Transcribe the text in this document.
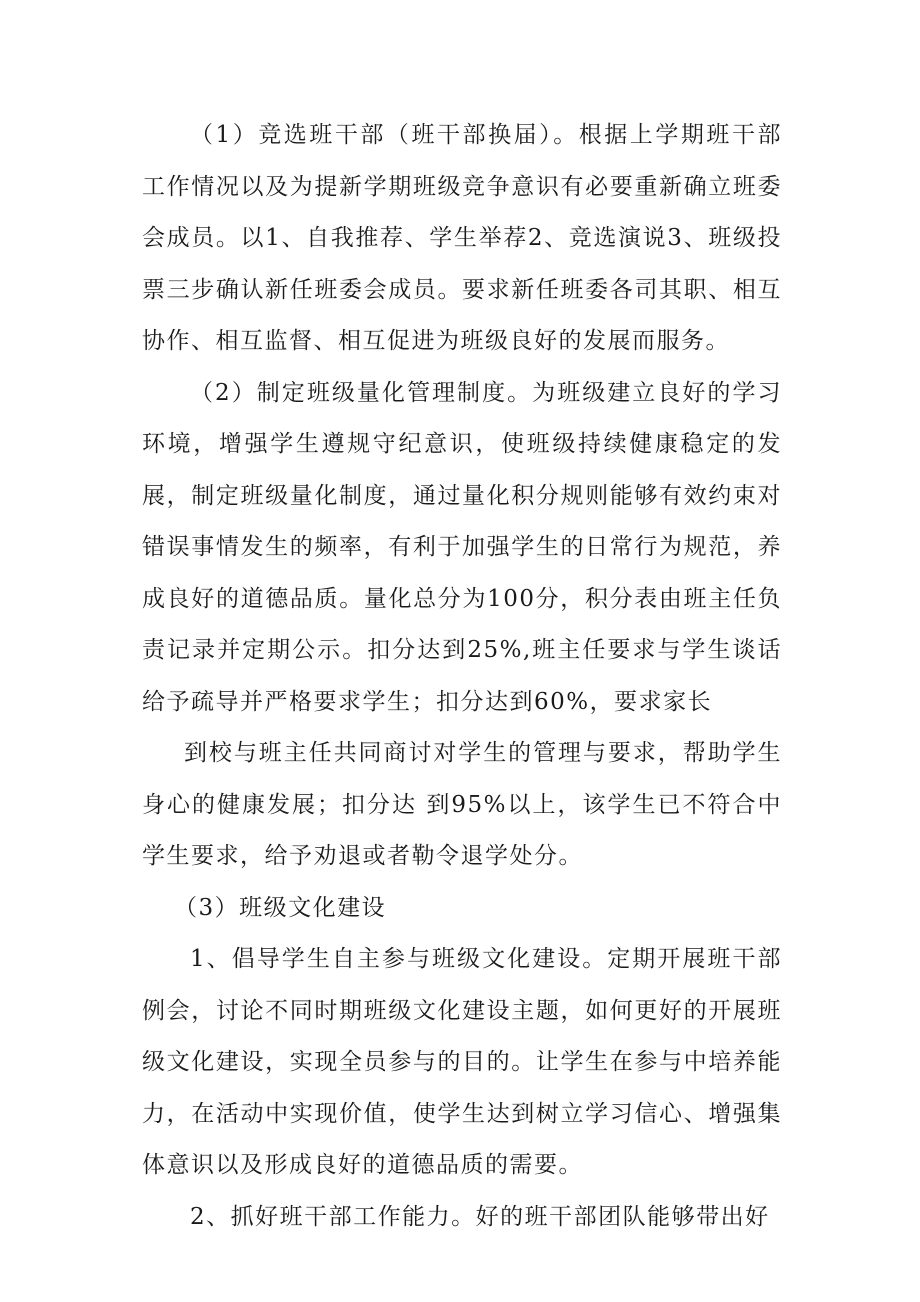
（1）竞选班干部（班干部换届）。根据上学期班干部工作情况以及为提新学期班级竞争意识有必要重新确立班委会成员。以1、自我推荐、学生举荐2、竞选演说3、班级投票三步确认新任班委会成员。要求新任班委各司其职、相互协作、相互监督、相互促进为班级良好的发展而服务。

（2）制定班级量化管理制度。为班级建立良好的学习环境，增强学生遵规守纪意识，使班级持续健康稳定的发展，制定班级量化制度，通过量化积分规则能够有效约束对错误事情发生的频率，有利于加强学生的日常行为规范，养成良好的道德品质。量化总分为100分，积分表由班主任负责记录并定期公示。扣分达到25%,班主任要求与学生谈话给予疏导并严格要求学生；扣分达到60%，要求家长

到校与班主任共同商讨对学生的管理与要求，帮助学生身心的健康发展；扣分达 到95%以上，该学生已不符合中学生要求，给予劝退或者勒令退学处分。

（3）班级文化建设

1、倡导学生自主参与班级文化建设。定期开展班干部例会，讨论不同时期班级文化建设主题，如何更好的开展班级文化建设，实现全员参与的目的。让学生在参与中培养能力，在活动中实现价值，使学生达到树立学习信心、增强集体意识以及形成良好的道德品质的需要。

2、抓好班干部工作能力。好的班干部团队能够带出好
